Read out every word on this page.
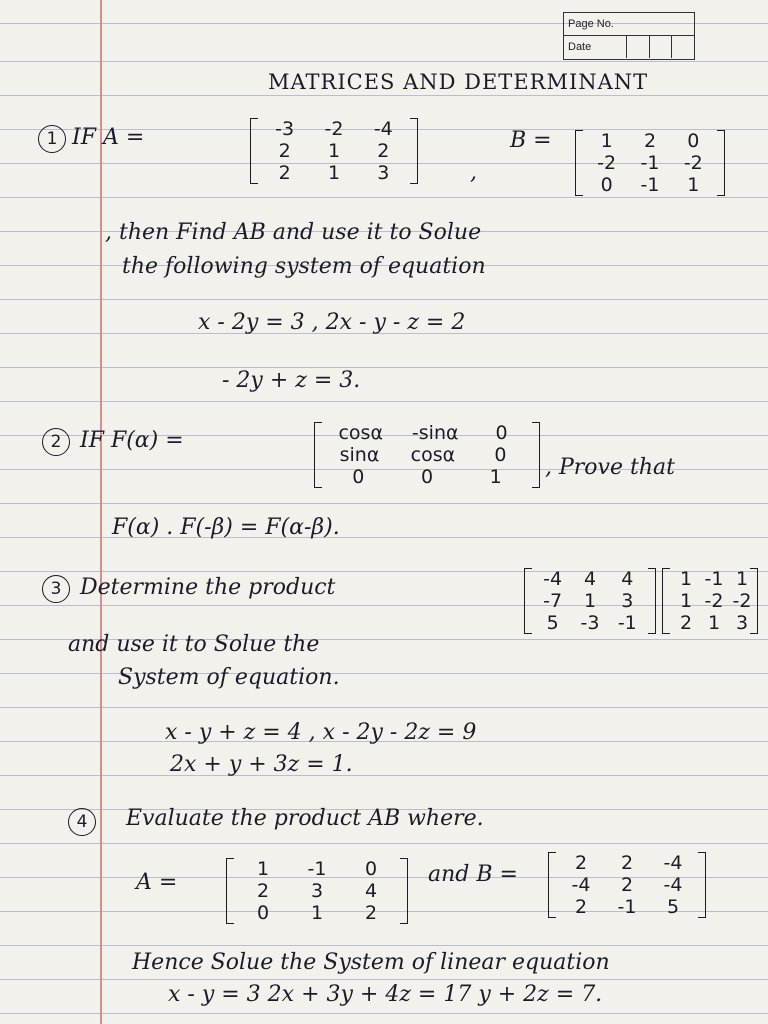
Page No.
Date
MATRICES AND DETERMINANT
1 IF A =	-3 -2 -4
2	1	2
2	1	3	,
B =	1	2	0
-2 -1 -2
0	-1	1
, then Find AB and use it to Solue
the following system of equation
x - 2y = 3 , 2x - y - z = 2
- 2y + z = 3.
2 IF F(α) =	cosα -sinα	0
sinα cosα	0
0	0	1	, Prove that
F(α) . F(-β) = F(α-β).
3 Determine the product	-4	4	4
-7	1	3
5	-3 -1
1 -1 1
1 -2 -2
2 1 3
and use it to Solue the
System of equation.
x - y + z = 4 , x - 2y - 2z = 9
2x + y + 3z = 1.
4	Evaluate the product AB where.
A =
1	-1	0
2	3	4
0	1	2
and B =	2	2	-4
-4	2	-4
2	-1	5
Hence Solue the System of linear equation
x - y = 3 2x + 3y + 4z = 17 y + 2z = 7.
